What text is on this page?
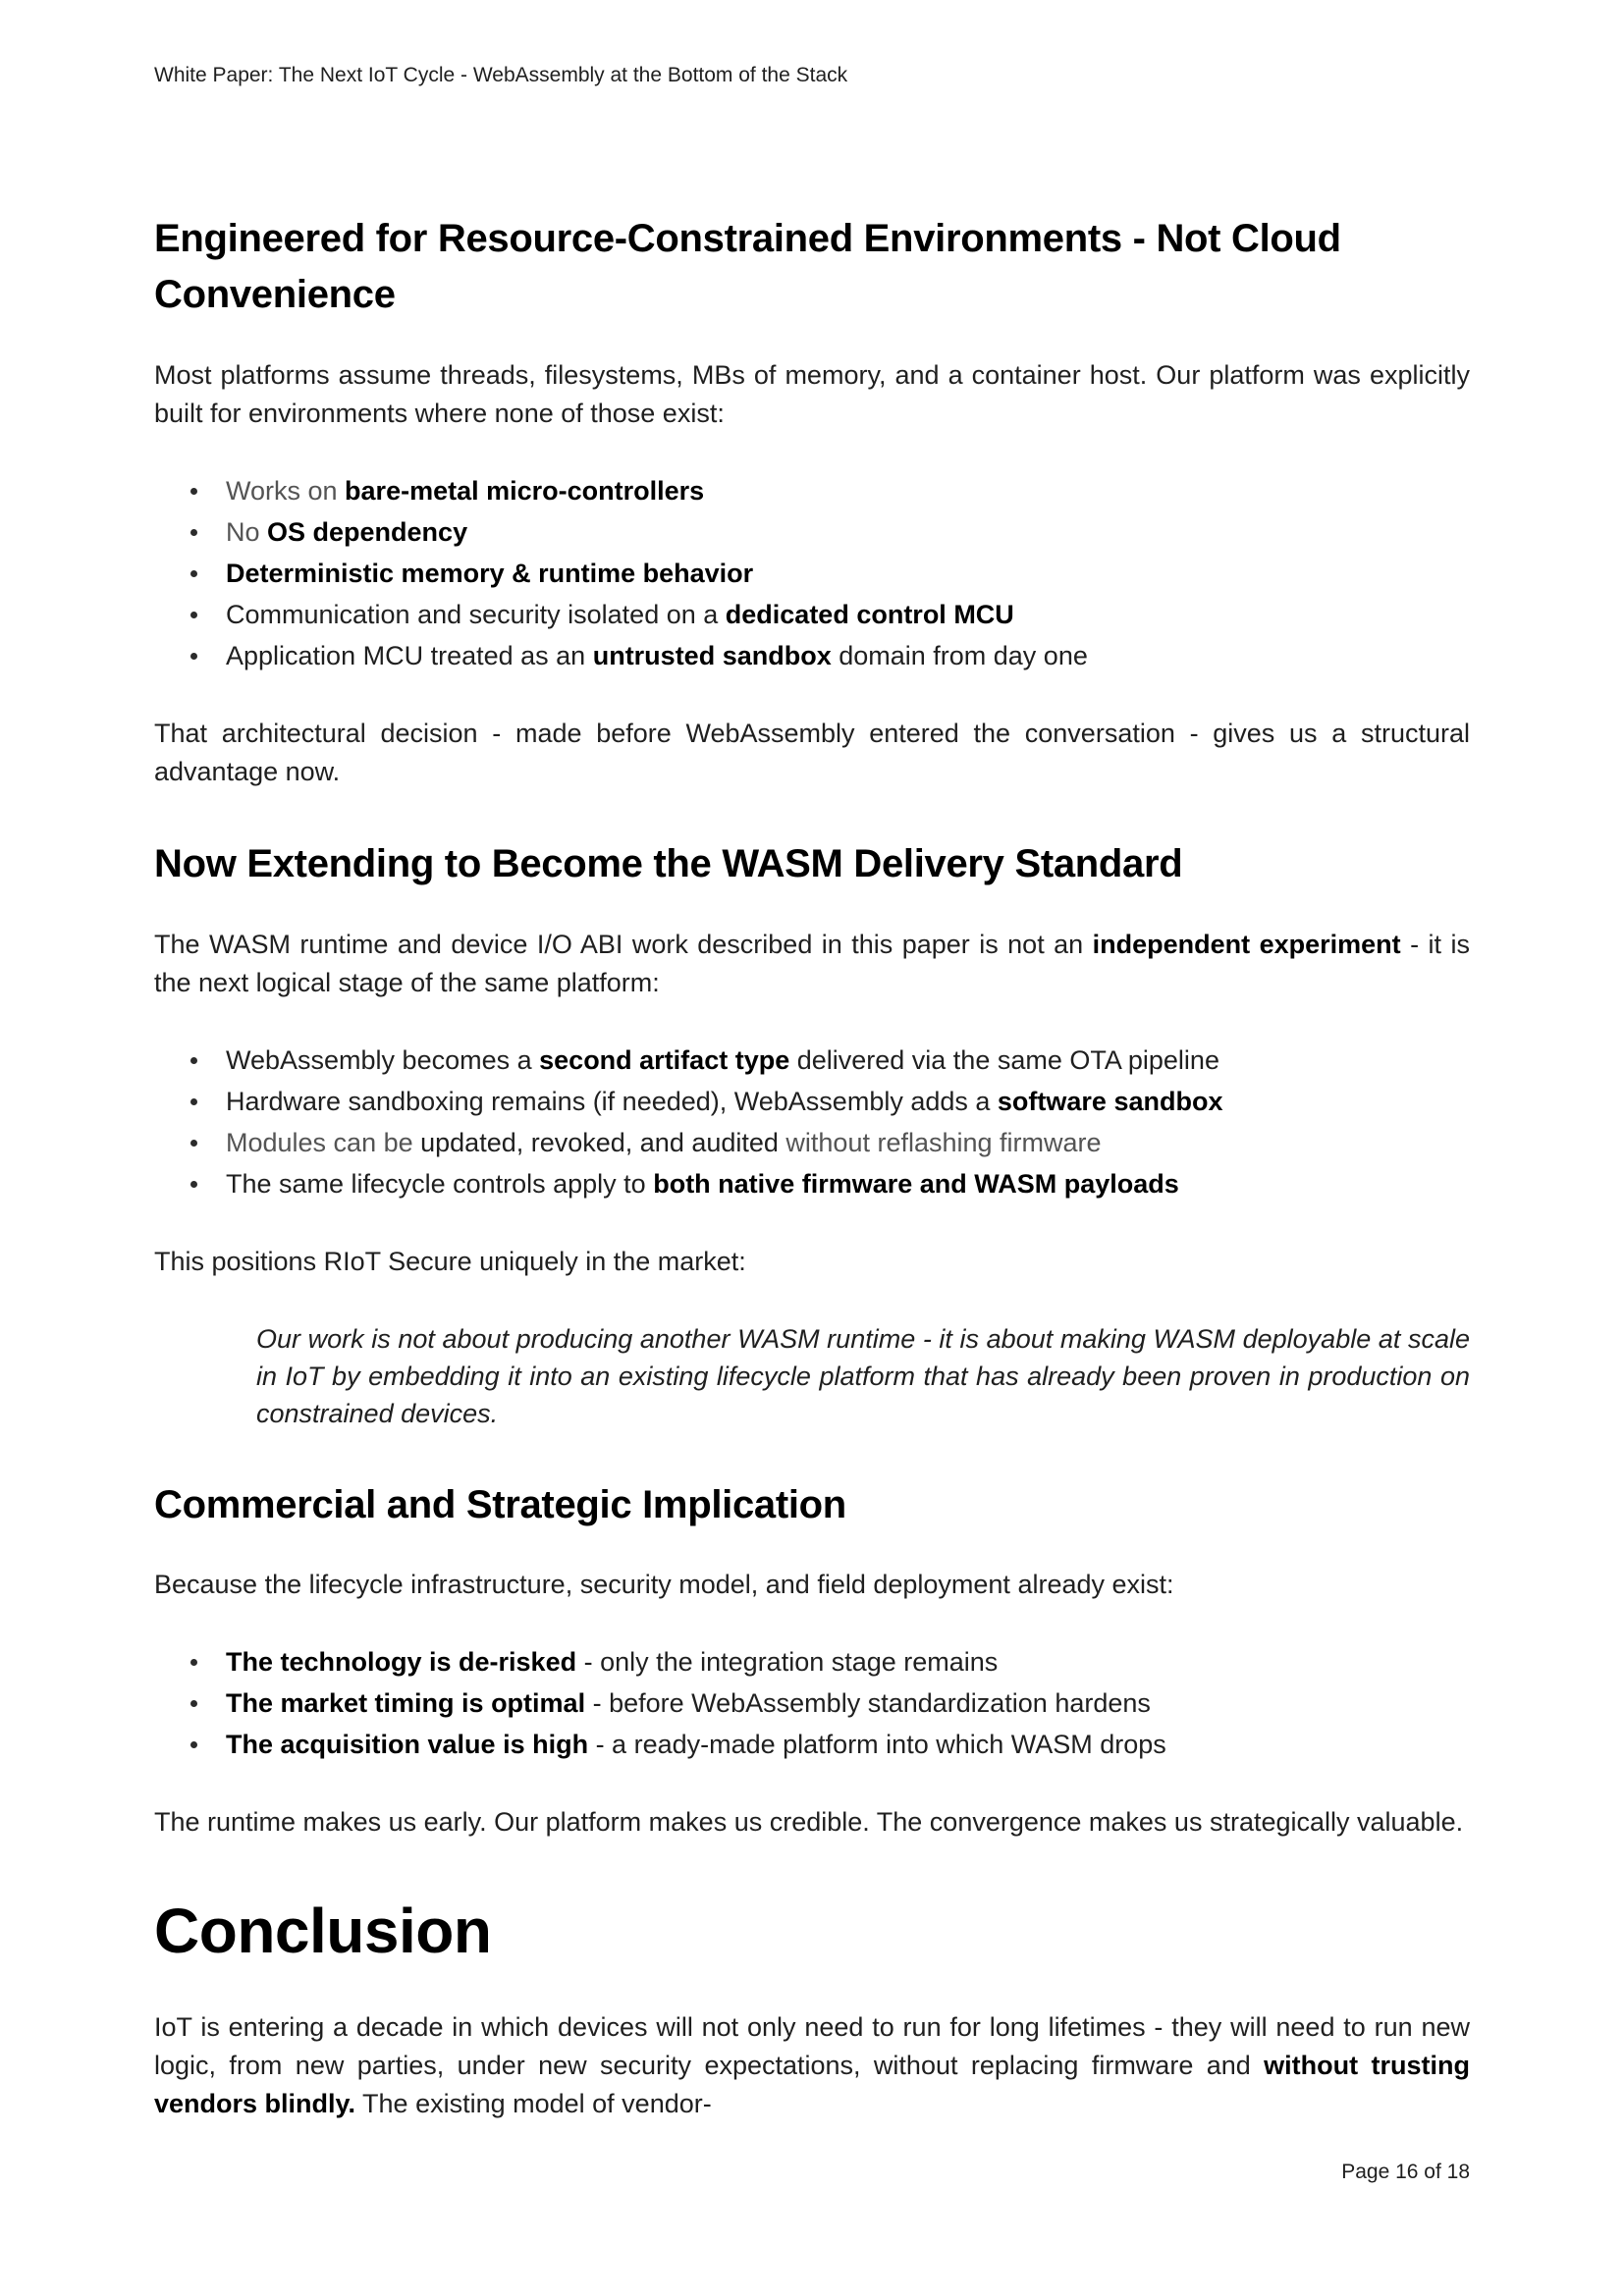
White Paper: The Next IoT Cycle - WebAssembly at the Bottom of the Stack
Engineered for Resource-Constrained Environments - Not Cloud Convenience

Most platforms assume threads, filesystems, MBs of memory, and a container host. Our platform was explicitly built for environments where none of those exist:

Works on bare-metal micro-controllers
No OS dependency
Deterministic memory & runtime behavior
Communication and security isolated on a dedicated control MCU
Application MCU treated as an untrusted sandbox domain from day one

That architectural decision - made before WebAssembly entered the conversation - gives us a structural advantage now.

Now Extending to Become the WASM Delivery Standard

The WASM runtime and device I/O ABI work described in this paper is not an independent experiment - it is the next logical stage of the same platform:

WebAssembly becomes a second artifact type delivered via the same OTA pipeline
Hardware sandboxing remains (if needed), WebAssembly adds a software sandbox
Modules can be updated, revoked, and audited without reflashing firmware
The same lifecycle controls apply to both native firmware and WASM payloads

This positions RIoT Secure uniquely in the market:

Our work is not about producing another WASM runtime - it is about making WASM deployable at scale in IoT by embedding it into an existing lifecycle platform that has already been proven in production on constrained devices.
Commercial and Strategic Implication

Because the lifecycle infrastructure, security model, and field deployment already exist:

The technology is de-risked - only the integration stage remains
The market timing is optimal - before WebAssembly standardization hardens
The acquisition value is high - a ready-made platform into which WASM drops

The runtime makes us early. Our platform makes us credible. The convergence makes us strategically valuable.

Conclusion

IoT is entering a decade in which devices will not only need to run for long lifetimes - they will need to run new logic, from new parties, under new security expectations, without replacing firmware and without trusting vendors blindly. The existing model of vendor-

Page 16 of 18
